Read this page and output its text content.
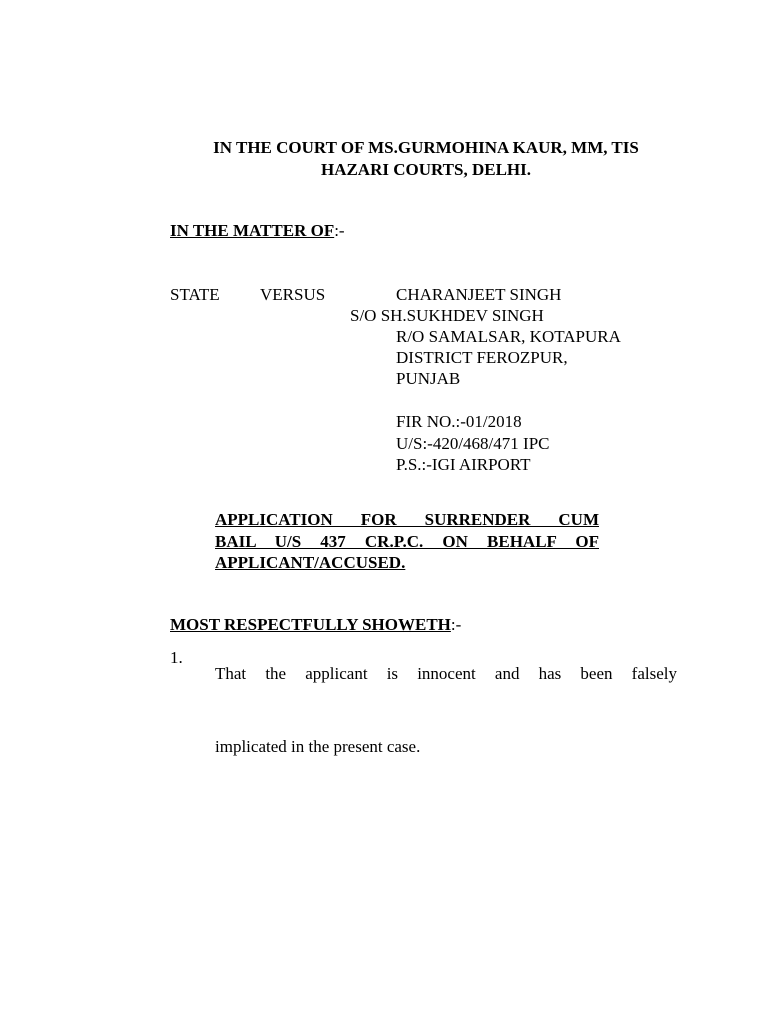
IN THE COURT OF MS.GURMOHINA KAUR, MM, TIS
HAZARI COURTS, DELHI.
IN THE MATTER OF:-
STATE VERSUS	CHARANJEET SINGH
S/O SH.SUKHDEV SINGH
R/O SAMALSAR, KOTAPURA
DISTRICT FEROZPUR,
PUNJAB
FIR NO.:-01/2018
U/S:-420/468/471 IPC
P.S.:-IGI AIRPORT
APPLICATION FOR SURRENDER CUM
BAIL U/S 437 CR.P.C. ON BEHALF OF
APPLICANT/ACCUSED.
MOST RESPECTFULLY SHOWETH:-
1.
That the applicant is innocent and has been falsely
implicated in the present case.
